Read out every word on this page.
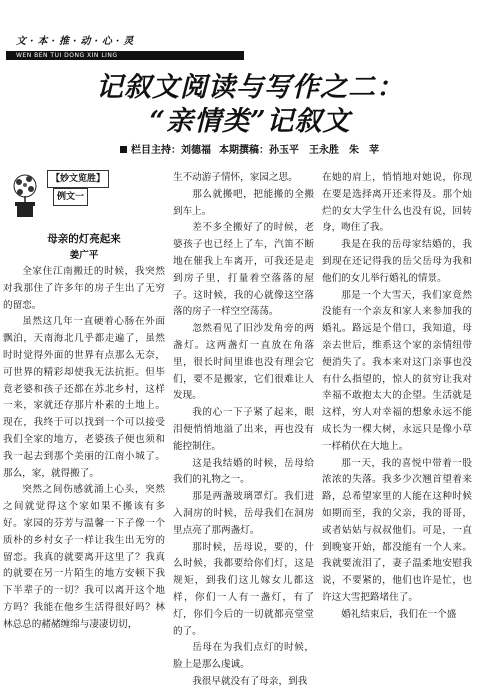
文·本·推·动·心·灵
WEN BEN TUI DONG XIN LING
记叙文阅读与写作之二：
“亲情类”记叙文
栏目主持：刘德福 本期撰稿：孙玉平　王永胜　朱　苹
【妙文览胜】
例文一
母亲的灯亮起来
姜广平

全家住江南搬迁的时候，我突然对我那住了许多年的房子生出了无穷的留恋。

虽然这几年一直硬着心肠在外面飘泊，天南海北几乎都走遍了，虽然时时觉得外面的世界有点那么无奈，可世界的精彩却使我无法抗拒。但毕竟老婆和孩子还都在苏北乡村，这样一来，家就还存那片朴素的土地上。现在，我终于可以找到一个可以接受我们全家的地方，老婆孩子便也须和我一起去到那个美丽的江南小城了。那么，家，就得搬了。

突然之间伤感就涌上心头，突然之间就觉得这个家如果不搬该有多好。家园的芬芳与温馨一下子像一个质朴的乡村女子一样让我生出无穷的留恋。我真的就要离开这里了？我真的就要在另一片陌生的地方安顿下我下半辈子的一切？我可以离开这个地方吗？我能在他乡生活得很好吗？林林总总的赭赭缠绵与凄凄切切，

生不动游子情怀，家园之思。

那么就搬吧，把能搬的全搬到车上。

差不多全搬好了的时候，老婆孩子也已经上了车，汽笛不断地在催我上车离开，可我还是走到房子里，打量着空落落的屋子。这时候，我的心就像这空落落的房子一样空空荡荡。

忽然看见了旧沙发角旁的两盏灯。这两盏灯一直放在角落里，很长时间里谁也没有理会它们，要不是搬家，它们很难让人发现。

我的心一下子紧了起来，眼泪便悄悄地溢了出来，再也没有能控制住。

这是我结婚的时候，岳母给我们的礼物之一。

那是两盏玻璃罩灯。我们进入洞房的时候，岳母我们在洞房里点亮了那两盏灯。

那时候，岳母说，要的，什么时候，我都要给你们灯，这是规矩，到我们这儿嫁女儿都这样，你们一人有一盏灯，有了灯，你们今后的一切就都亮堂堂的了。

岳母在为我们点灯的时候，脸上是那么虔诚。

我很早就没有了母亲，到我

在她的肩上，悄悄地对她说，你现在要是选择离开还来得及。那个灿烂的女大学生什么也没有说，回转身，吻住了我。

我是在我的岳母家结婚的，我到现在还记得我的岳父岳母为我和他们的女儿举行婚礼的情景。

那是一个大雪天，我们家竟然没能有一个亲友和家人来参加我的婚礼。路远是个借口，我知道，母亲去世后，维系这个家的亲情纽带便消失了。我本来对这门亲事也没有什么指望的，惊人的贫穷让我对幸福不敢抱太大的企望。生活就是这样，穷人对幸福的想象永远不能成长为一棵大树，永远只是像小草一样稍伏在大地上。

那一天，我的喜悦中带着一股浓浓的失落。我多少次翘首望着来路，总希望家里的人能在这种时候如期而至，我的父亲，我的哥哥，或者姑姑与叔叔他们。可是，一直到晚宴开始，都没能有一个人来。我就要流泪了，妻子温柔地安慰我说，不要紧的，他们也许是忙，也许这大雪把路堵住了。

婚礼结束后，我们在一个盛
